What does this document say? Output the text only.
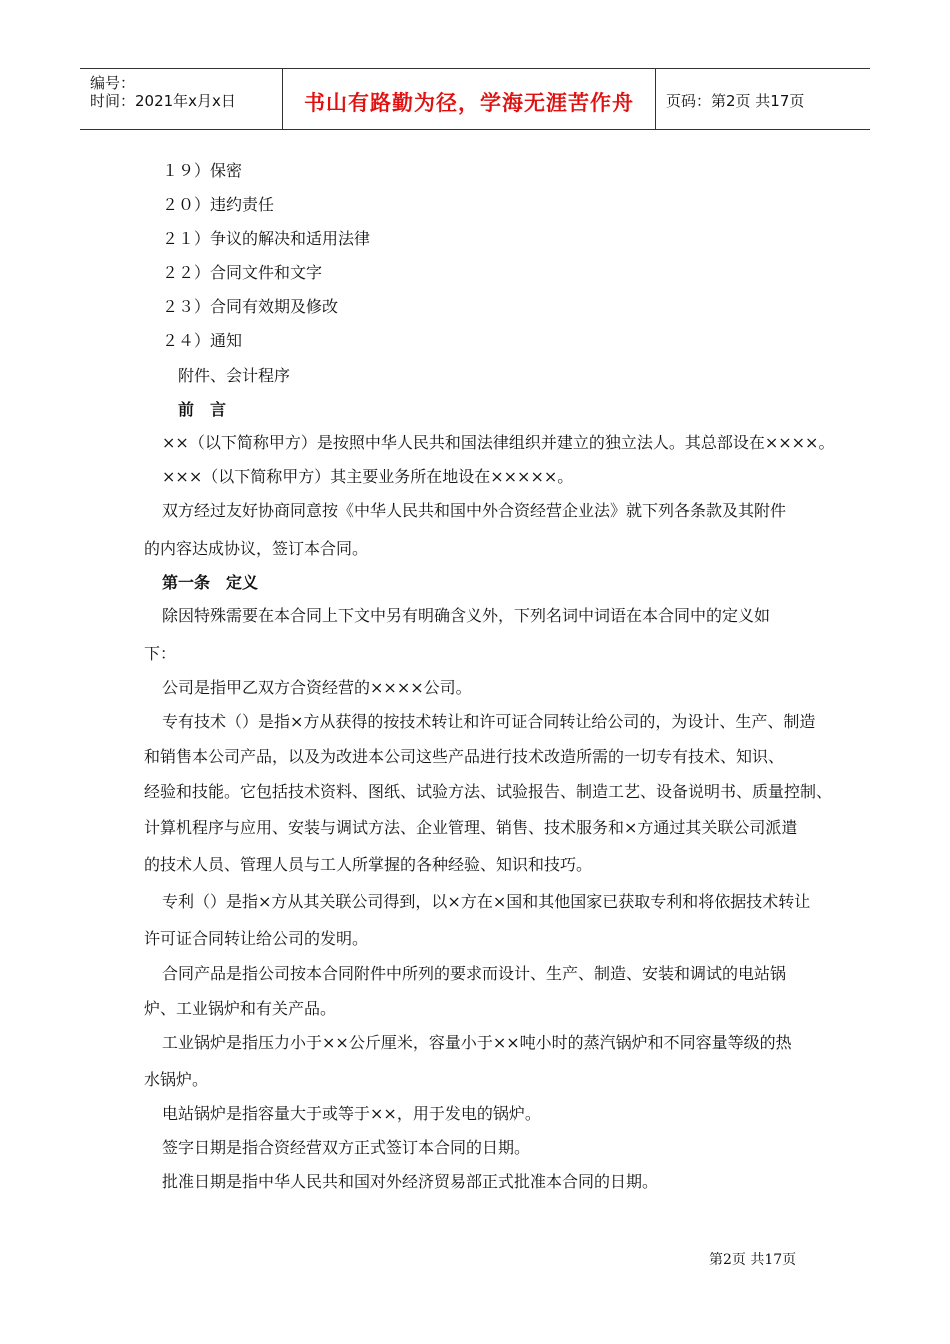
编号：
时间：2021年x月x日	书山有路勤为径，学海无涯苦作舟	页码：第2页 共17页
１９）保密
２０）违约责任
２１）争议的解决和适用法律
２２）合同文件和文字
２３）合同有效期及修改
２４）通知
附件、会计程序
前　言
××（以下简称甲方）是按照中华人民共和国法律组织并建立的独立法人。其总部设在××××。
×××（以下简称甲方）其主要业务所在地设在×××××。
双方经过友好协商同意按《中华人民共和国中外合资经营企业法》就下列各条款及其附件
的内容达成协议，签订本合同。
第一条　定义
除因特殊需要在本合同上下文中另有明确含义外，下列名词中词语在本合同中的定义如
下：
公司是指甲乙双方合资经营的××××公司。
专有技术（）是指×方从获得的按技术转让和许可证合同转让给公司的，为设计、生产、制造
和销售本公司产品，以及为改进本公司这些产品进行技术改造所需的一切专有技术、知识、
经验和技能。它包括技术资料、图纸、试验方法、试验报告、制造工艺、设备说明书、质量控制、
计算机程序与应用、安装与调试方法、企业管理、销售、技术服务和×方通过其关联公司派遣
的技术人员、管理人员与工人所掌握的各种经验、知识和技巧。
专利（）是指×方从其关联公司得到，以×方在×国和其他国家已获取专利和将依据技术转让
许可证合同转让给公司的发明。
合同产品是指公司按本合同附件中所列的要求而设计、生产、制造、安装和调试的电站锅
炉、工业锅炉和有关产品。
工业锅炉是指压力小于××公斤厘米，容量小于××吨小时的蒸汽锅炉和不同容量等级的热
水锅炉。
电站锅炉是指容量大于或等于××，用于发电的锅炉。
签字日期是指合资经营双方正式签订本合同的日期。
批准日期是指中华人民共和国对外经济贸易部正式批准本合同的日期。
第2页 共17页
